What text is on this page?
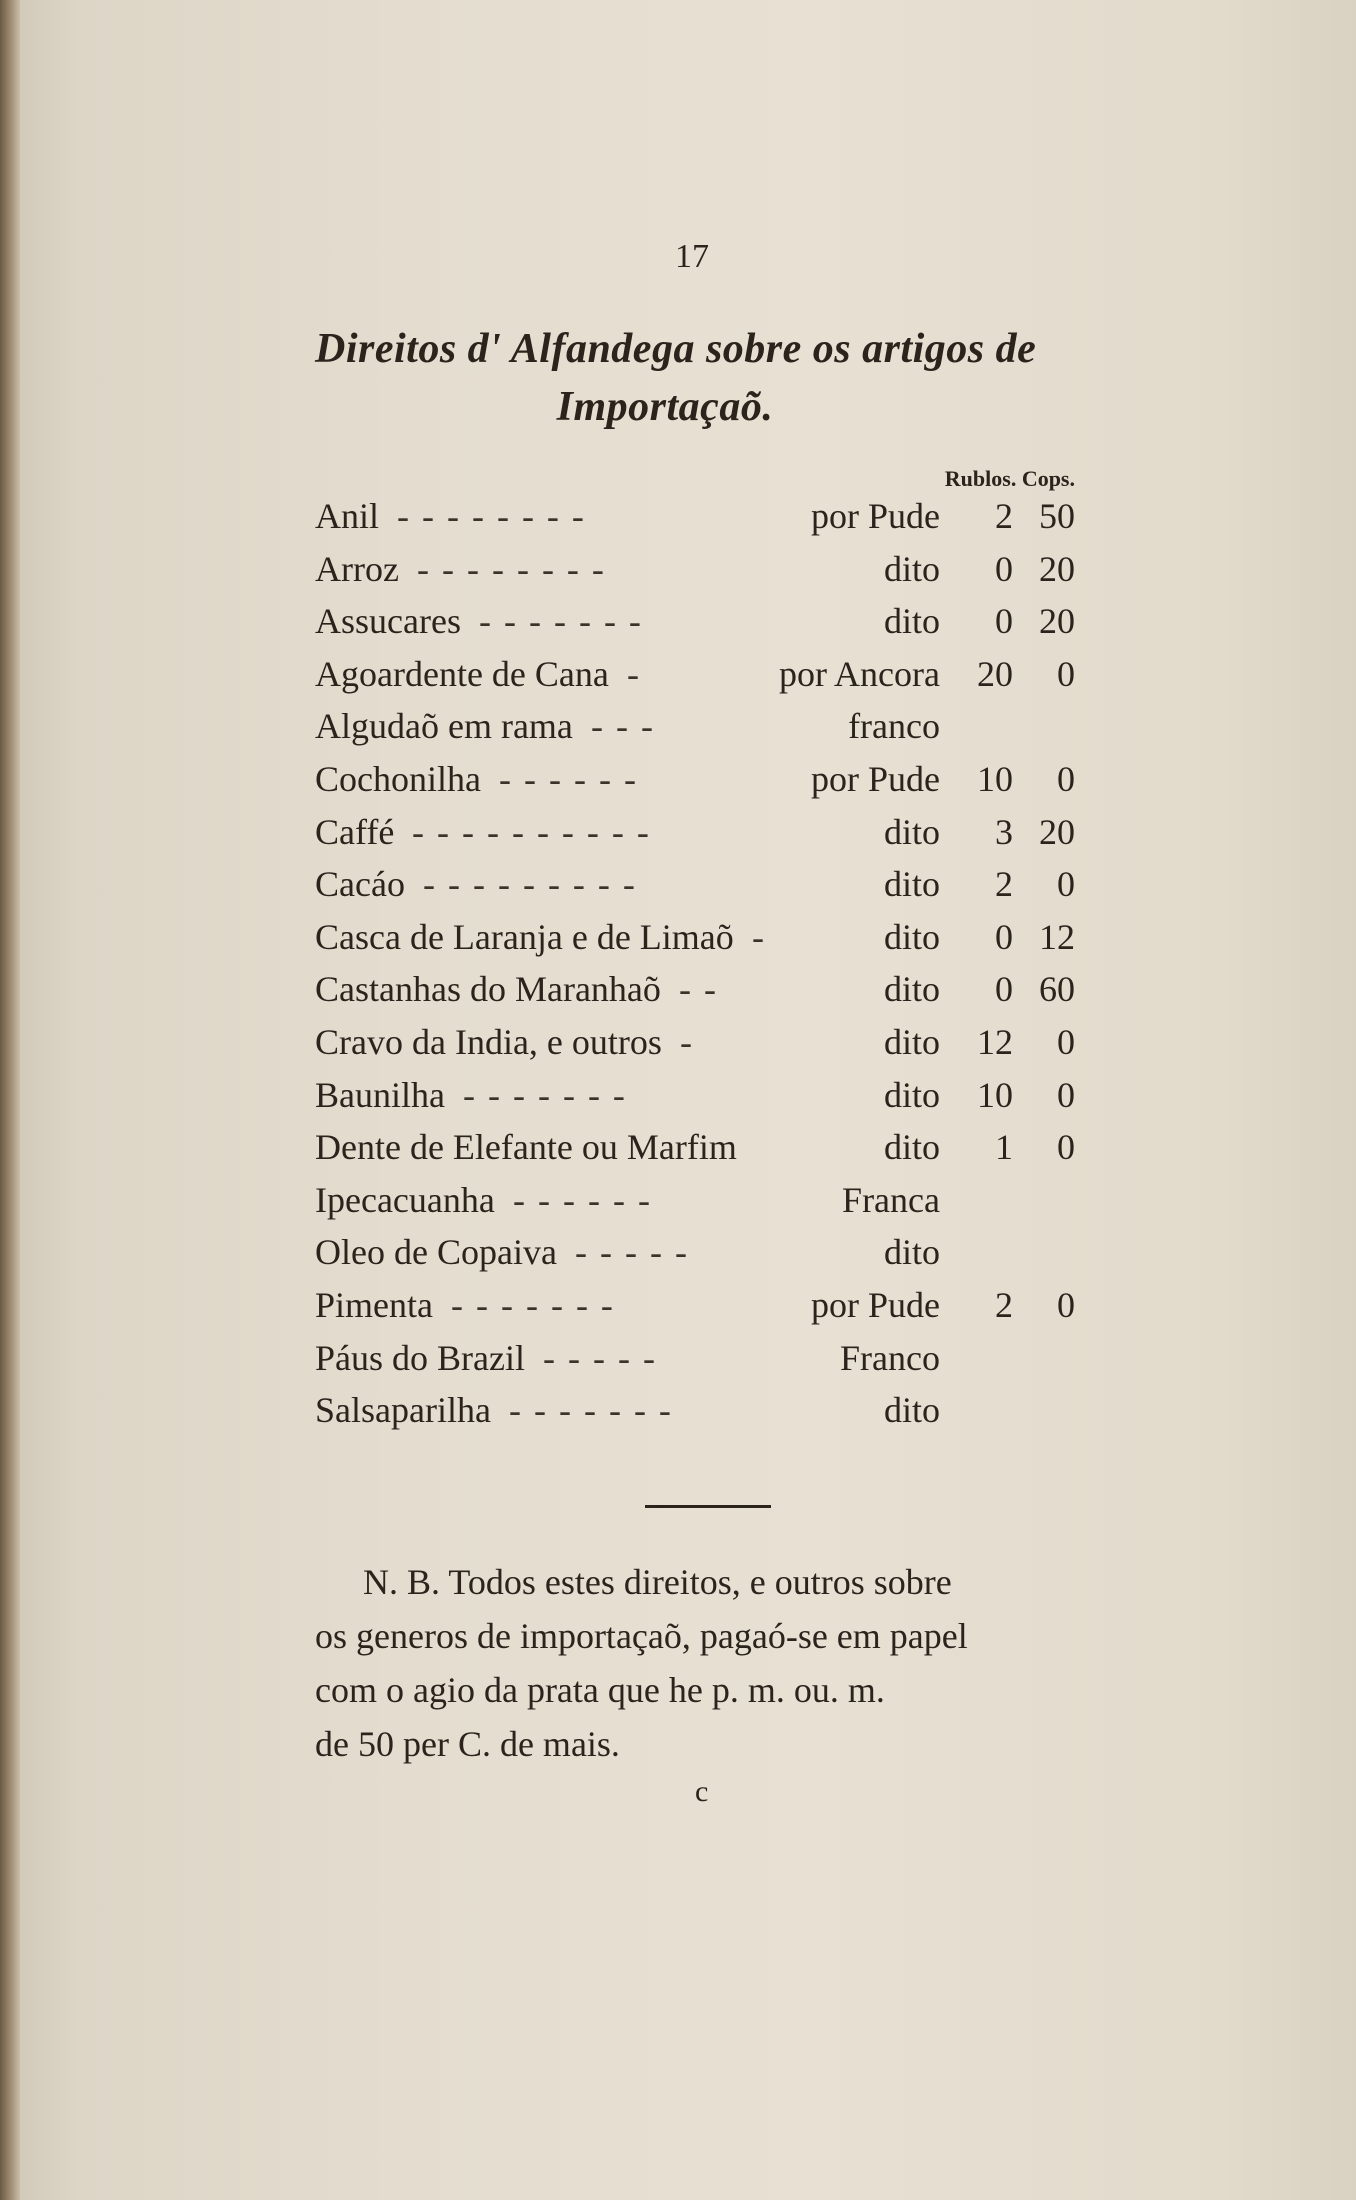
17
Direitos d' Alfandega sobre os artigos de
Importaçaõ.
Rublos. Cops.
Anil - - - - - - - -	por Pude	2 50
Arroz - - - - - - - -	dito	0 20
Assucares - - - - - - -	dito	0 20
Agoardente de Cana -	por Ancora	20	0
Algudaõ em rama - - -	franco
Cochonilha - - - - - -	por Pude	10	0
Caffé - - - - - - - - - -	dito	3 20
Cacáo - - - - - - - - -	dito	2	0
Casca de Laranja e de Limaõ -	dito	0 12
Castanhas do Maranhaõ - -	dito	0 60
Cravo da India, e outros -	dito	12	0
Baunilha - - - - - - -	dito	10	0
Dente de Elefante ou Marfim	dito	1	0
Ipecacuanha - - - - - -	Franca
Oleo de Copaiva - - - - -	dito
Pimenta - - - - - - -	por Pude	2	0
Páus do Brazil - - - - -	Franco
Salsaparilha - - - - - - -	dito
N. B. Todos estes direitos, e outros sobre
os generos de importaçaõ, pagaó-se em papel
com o agio da prata que he p. m. ou. m.
de 50 per C. de mais.
c
